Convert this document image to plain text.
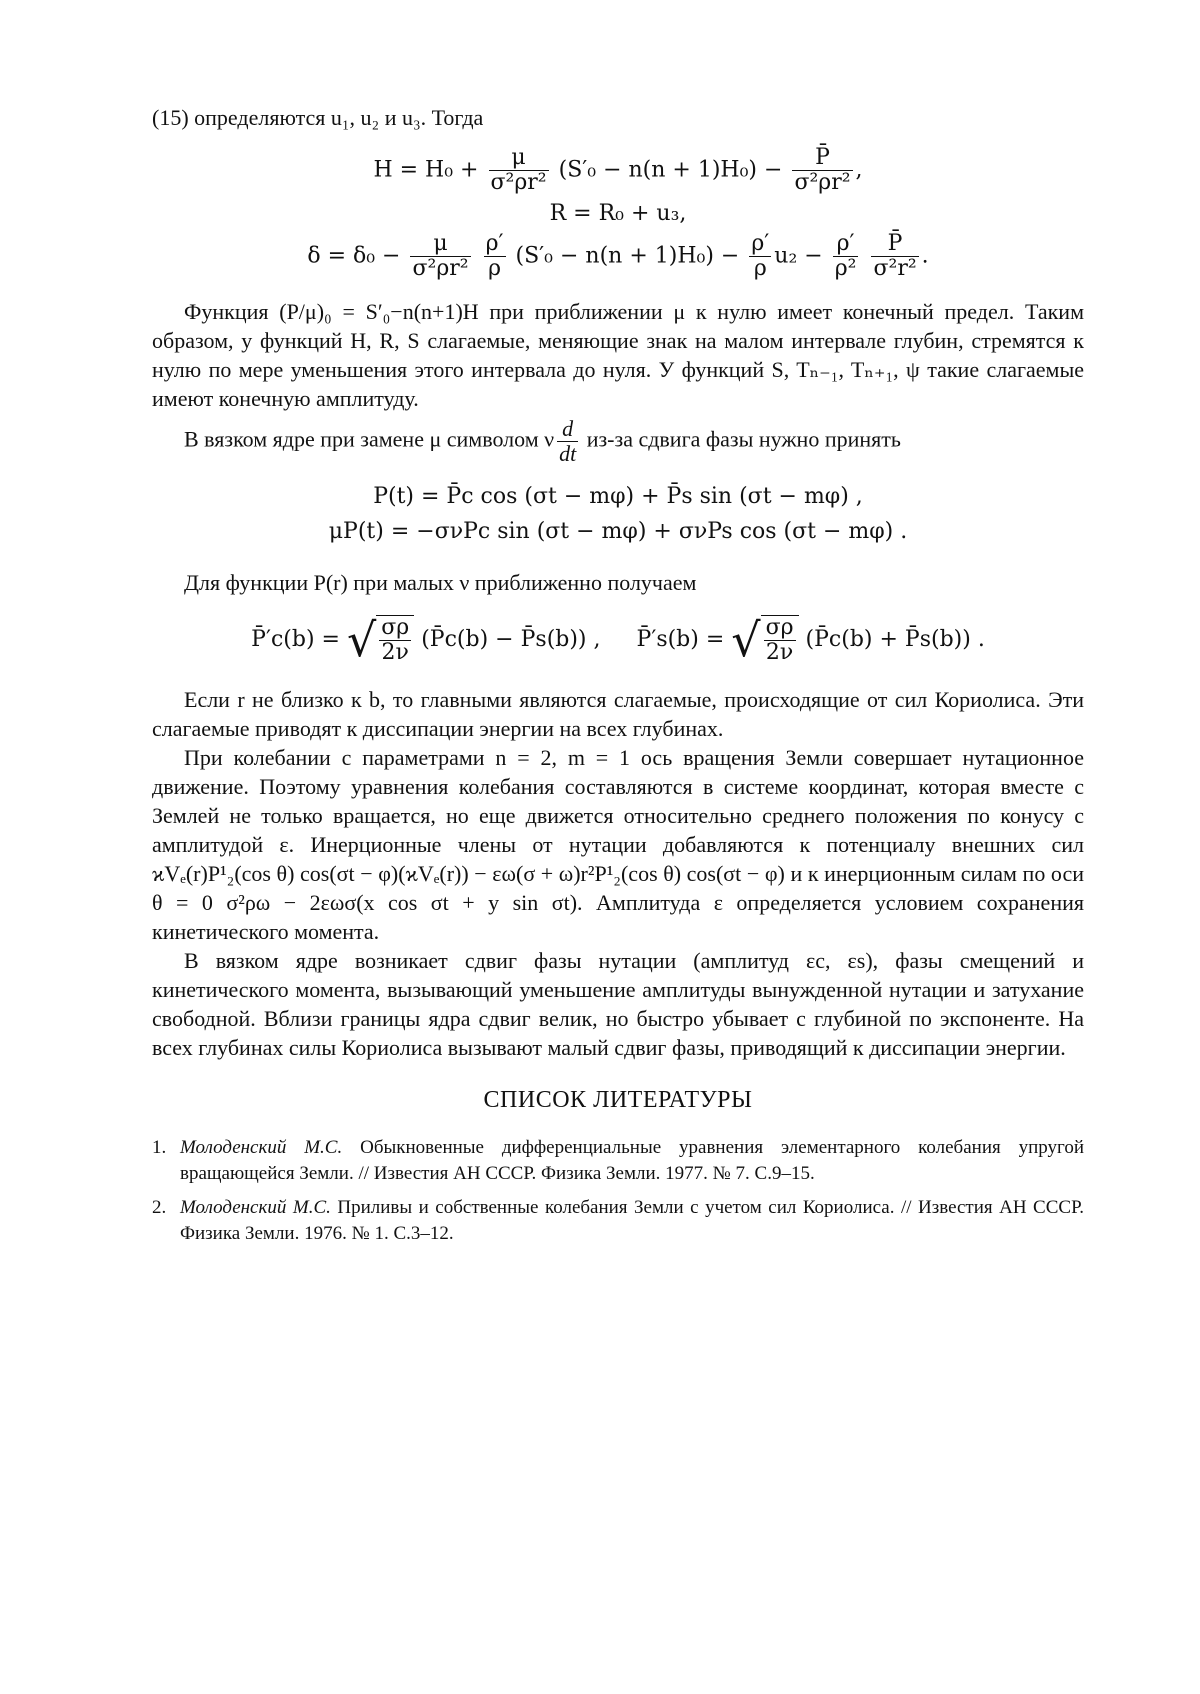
(15) определяются u₁, u₂ и u₃. Тогда

$H = H_0 + \frac{\mu}{\text{σ²ρr²}} (S'_0 - n(n + 1)H_0) - \frac{P̄}{\text{σ²ρr²}}$ ,
R = R₀ + u₃,
$\delta = \delta_0 - \frac{\mu}{\text{σ²ρr²}}$
$\frac{\rho'}{\rho} (S'_0 - n(n + 1)H_0) - \frac{\rho'}{\rho} u_2 - \frac{\rho'}{\text{ρ²}}$
$\frac{P̄}{\text{σ²r²}}$ .

Функция (P/μ)₀ = S′₀−n(n+1)H при приближении μ к нулю имеет конечный предел. Таким образом, у функций H, R, S слагаемые, меняющие знак на малом интервале глубин, стремятся к нулю по мере уменьшения этого интервала до нуля. У функций S, Tₙ₋₁, Tₙ₊₁, ψ такие слагаемые имеют конечную амплитуду.

В вязком ядре при замене μ символом ν $\frac{d}{dt} из-за$ сдвига фазы нужно принять

P(t) = P̄c cos (σt − mφ) + P̄s sin (σt − mφ) ,
μP(t) = −σνPc sin (σt − mφ) + σνPs cos (σt − mφ) .

Для функции P(r) при малых ν приближенно получаем

P̄′c(b) = √ $\frac{\sigma\rho}{2\nu}$ (P̄c(b) − P̄s(b)) , P̄′s(b) = √ $\frac{\sigma\rho}{2\nu}$ (P̄c(b) + P̄s(b)) .

Если r не близко к b, то главными являются слагаемые, происходящие от сил Кориолиса. Эти слагаемые приводят к диссипации энергии на всех глубинах.

При колебании с параметрами n = 2, m = 1 ось вращения Земли совершает нутационное движение. Поэтому уравнения колебания составляются в системе координат, которая вместе с Землей не только вращается, но еще движется относительно среднего положения по конусу с амплитудой ε. Инерционные члены от нутации добавляются к потенциалу внешних сил ϰVₑ(r)P¹₂(cos θ) cos(σt − φ)(ϰVₑ(r)) − εω(σ + ω)r²P¹₂(cos θ) cos(σt − φ) и к инерционным силам по оси θ = 0 σ²ρω − 2εωσ(x cos σt + y sin σt). Амплитуда ε определяется условием сохранения кинетического момента.

В вязком ядре возникает сдвиг фазы нутации (амплитуд εc, εs), фазы смещений и кинетического момента, вызывающий уменьшение амплитуды вынужденной нутации и затухание свободной. Вблизи границы ядра сдвиг велик, но быстро убывает с глубиной по экспоненте. На всех глубинах силы Кориолиса вызывают малый сдвиг фазы, приводящий к диссипации энергии.

СПИСОК ЛИТЕРАТУРЫ
1. Молоденский М.С. Обыкновенные дифференциальные уравнения элементарного колебания упругой вращающейся Земли. // Известия АН СССР. Физика Земли. 1977. № 7. С.9–15.
2. Молоденский М.С. Приливы и собственные колебания Земли с учетом сил Кориолиса. // Известия АН СССР. Физика Земли. 1976. № 1. С.3–12.
